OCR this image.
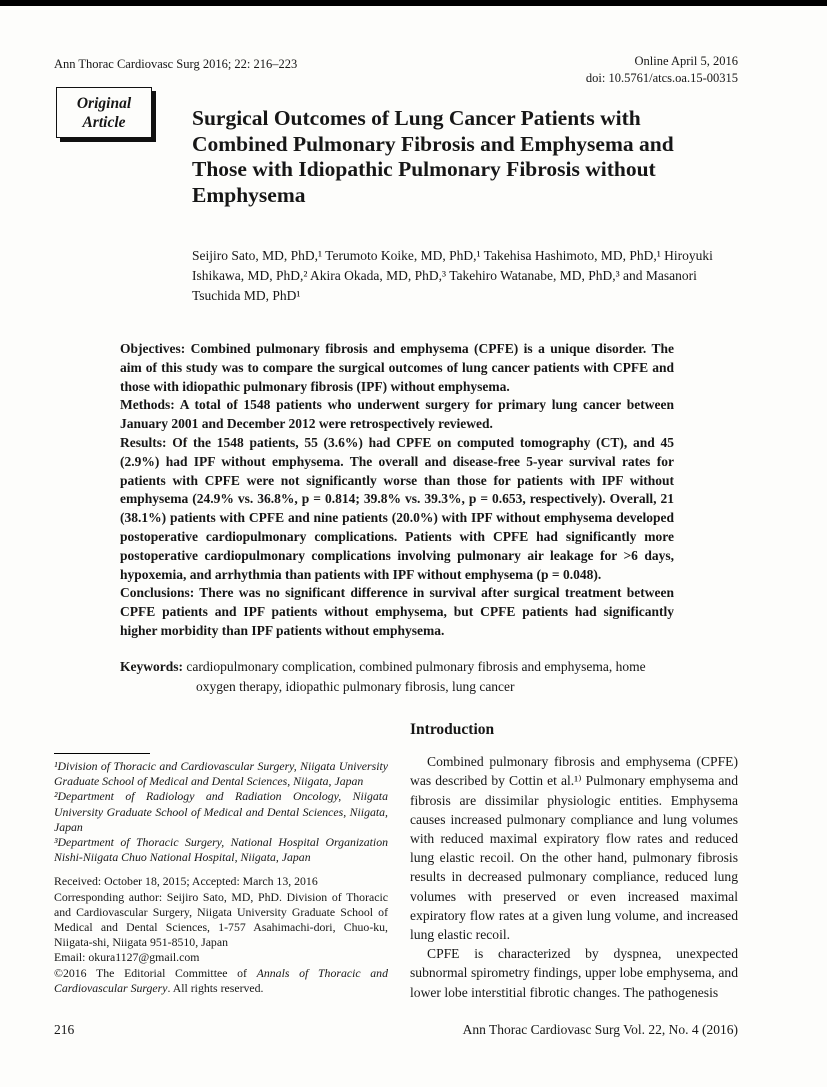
Ann Thorac Cardiovasc Surg 2016; 22: 216–223	Online April 5, 2016
doi: 10.5761/atcs.oa.15-00315
Original
Article	Surgical Outcomes of Lung Cancer Patients with Combined Pulmonary Fibrosis and Emphysema and Those with Idiopathic Pulmonary Fibrosis without Emphysema
Seijiro Sato, MD, PhD,¹ Terumoto Koike, MD, PhD,¹ Takehisa Hashimoto, MD, PhD,¹ Hiroyuki Ishikawa, MD, PhD,² Akira Okada, MD, PhD,³ Takehiro Watanabe, MD, PhD,³ and Masanori Tsuchida MD, PhD¹

Objectives: Combined pulmonary fibrosis and emphysema (CPFE) is a unique disorder. The aim of this study was to compare the surgical outcomes of lung cancer patients with CPFE and those with idiopathic pulmonary fibrosis (IPF) without emphysema.

Methods: A total of 1548 patients who underwent surgery for primary lung cancer between January 2001 and December 2012 were retrospectively reviewed.

Results: Of the 1548 patients, 55 (3.6%) had CPFE on computed tomography (CT), and 45 (2.9%) had IPF without emphysema. The overall and disease-free 5-year survival rates for patients with CPFE were not significantly worse than those for patients with IPF without emphysema (24.9% vs. 36.8%, p = 0.814; 39.8% vs. 39.3%, p = 0.653, respectively). Overall, 21 (38.1%) patients with CPFE and nine patients (20.0%) with IPF without emphysema developed postoperative cardiopulmonary complications. Patients with CPFE had significantly more postoperative cardiopulmonary complications involving pulmonary air leakage for >6 days, hypoxemia, and arrhythmia than patients with IPF without emphysema (p = 0.048).

Conclusions: There was no significant difference in survival after surgical treatment between CPFE patients and IPF patients without emphysema, but CPFE patients had significantly higher morbidity than IPF patients without emphysema.

Keywords: cardiopulmonary complication, combined pulmonary fibrosis and emphysema, home oxygen therapy, idiopathic pulmonary fibrosis, lung cancer

¹Division of Thoracic and Cardiovascular Surgery, Niigata University Graduate School of Medical and Dental Sciences, Niigata, Japan

²Department of Radiology and Radiation Oncology, Niigata University Graduate School of Medical and Dental Sciences, Niigata, Japan

³Department of Thoracic Surgery, National Hospital Organization Nishi-Niigata Chuo National Hospital, Niigata, Japan

Received: October 18, 2015; Accepted: March 13, 2016

Corresponding author: Seijiro Sato, MD, PhD. Division of Thoracic and Cardiovascular Surgery, Niigata University Graduate School of Medical and Dental Sciences, 1-757 Asahimachi-dori, Chuo-ku, Niigata-shi, Niigata 951-8510, Japan

Email: okura1127@gmail.com

©2016 The Editorial Committee of Annals of Thoracic and Cardiovascular Surgery. All rights reserved.

Introduction

Combined pulmonary fibrosis and emphysema (CPFE) was described by Cottin et al.¹⁾ Pulmonary emphysema and fibrosis are dissimilar physiologic entities. Emphysema causes increased pulmonary compliance and lung volumes with reduced maximal expiratory flow rates and reduced lung elastic recoil. On the other hand, pulmonary fibrosis results in decreased pulmonary compliance, reduced lung volumes with preserved or even increased maximal expiratory flow rates at a given lung volume, and increased lung elastic recoil.

CPFE is characterized by dyspnea, unexpected subnormal spirometry findings, upper lobe emphysema, and lower lobe interstitial fibrotic changes. The pathogenesis

216	Ann Thorac Cardiovasc Surg Vol. 22, No. 4 (2016)
